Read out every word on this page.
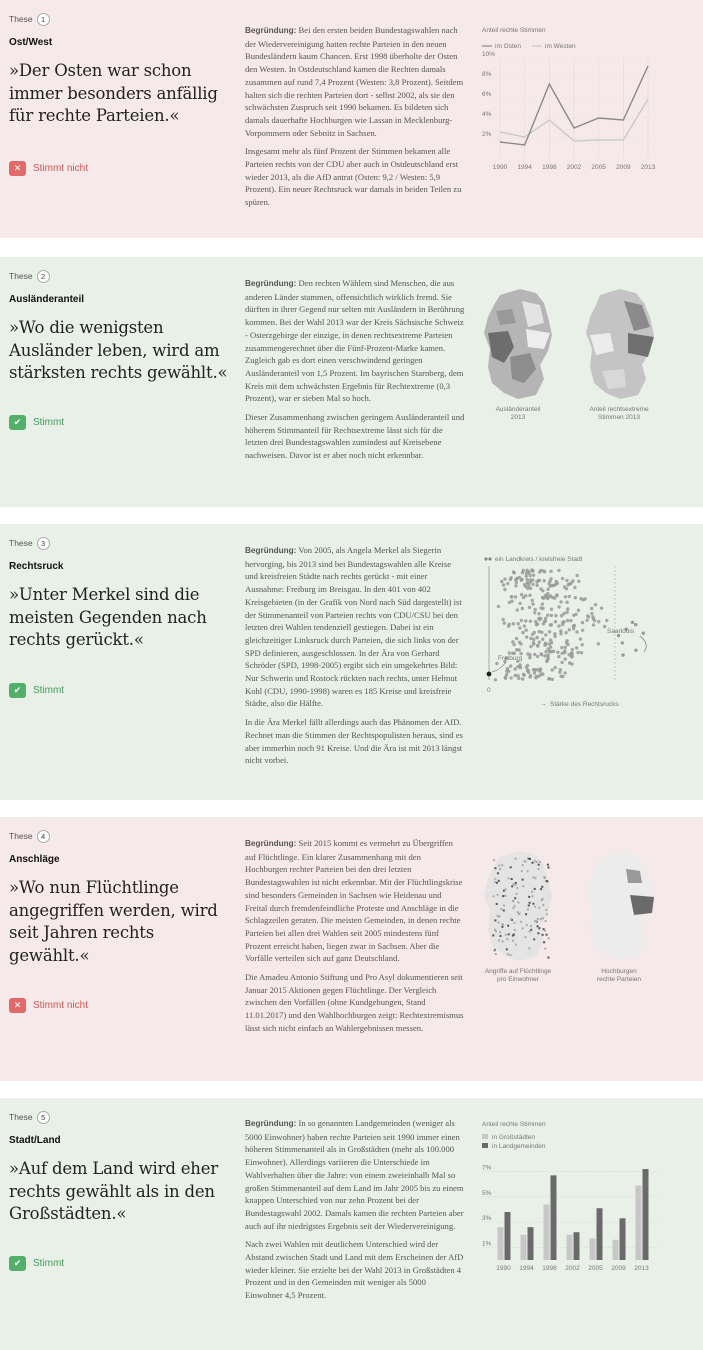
These	1
Ost/West
»Der Osten war schon immer besonders anfällig für rechte Parteien.«
✕	Stimmt nicht

Begründung: Bei den ersten beiden Bundestagswahlen nach der Wiedervereinigung hatten rechte Parteien in den neuen Bundesländern kaum Chancen. Erst 1998 überholte der Osten den Westen. In Ostdeutschland kamen die Rechten damals zusammen auf rund 7,4 Prozent (Westen: 3,8 Prozent). Seitdem halten sich die rechten Parteien dort - selbst 2002, als sie den schwächsten Zuspruch seit 1990 bekamen. Es bildeten sich damals dauerhafte Hochburgen wie Lassan in Mecklenburg-Vorpommern oder Sebnitz in Sachsen.

Insgesamt mehr als fünf Prozent der Stimmen bekamen alle Parteien rechts von der CDU aber auch in Ostdeutschland erst wieder 2013, als die AfD antrat (Osten: 9,2 / Westen: 5,9 Prozent). Ein neuer Rechtsruck war damals in beiden Teilen zu spüren.

Anteil rechte Stimmen
im Osten	im Westen
2%
4%
6%
8%
10%
1990 1994 1998 2002 2005 2009 2013
These	2
Ausländeranteil
»Wo die wenigsten Ausländer leben, wird am stärksten rechts gewählt.«
✔	Stimmt

Begründung: Den rechten Wählern sind Menschen, die aus anderen Länder stammen, offensichtlich wirklich fremd. Sie dürften in ihrer Gegend nur selten mit Ausländern in Berührung kommen. Bei der Wahl 2013 war der Kreis Sächsische Schweiz - Osterzgebirge der einzige, in denen rechtsextreme Parteien zusammengerechnet über die Fünf-Prozent-Marke kamen. Zugleich gab es dort einen verschwindend geringen Ausländeranteil von 1,5 Prozent. Im bayrischen Starnberg, dem Kreis mit dem schwächsten Ergebnis für Rechtextreme (0,3 Prozent), war er sieben Mal so hoch.

Dieser Zusammenhang zwischen geringem Ausländeranteil und höherem Stimmanteil für Rechtsextreme lässt sich für die letzten drei Bundestagswahlen zumindest auf Kreisebene nachweisen. Davor ist er aber noch nicht erkennbar.

Ausländeranteil
2013
Anteil rechtsextreme
Stimmen 2013
These	3
Rechtsruck
»Unter Merkel sind die meisten Gegenden nach rechts gerückt.«
✔	Stimmt

Begründung: Von 2005, als Angela Merkel als Siegerin hervorging, bis 2013 sind bei Bundestagswahlen alle Kreise und kreisfreien Städte nach rechts gerückt - mit einer Ausnahme: Freiburg im Breisgau. In den 401 von 402 Kreisgebieten (in der Grafik von Nord nach Süd dargestellt) ist der Stimmenanteil von Parteien rechts von CDU/CSU bei den letzten drei Wahlen tendenziell gestiegen. Dabei ist ein gleichzeitiger Linksruck durch Parteien, die sich links von der SPD definieren, ausgeschlossen. In der Ära von Gerhard Schröder (SPD, 1998-2005) ergibt sich ein umgekehrtes Bild: Nur Schwerin und Rostock rückten nach rechts, unter Helmut Kohl (CDU, 1990-1998) waren es 185 Kreise und kreisfreie Städte, also die Hälfte.

In die Ära Merkel fällt allerdings auch das Phänomen der AfD. Rechnet man die Stimmen der Rechtspopulisten heraus, sind es aber immerhin noch 91 Kreise. Und die Ära ist mit 2013 längst nicht vorbei.

ein Landkreis / kreisfreie Stadt
Freiburg
Saarlouis
0
→ Stärke des Rechtsrucks
These	4
Anschläge
»Wo nun Flüchtlinge angegriffen werden, wird seit Jahren rechts gewählt.«
✕	Stimmt nicht

Begründung: Seit 2015 kommt es vermehrt zu Übergriffen auf Flüchtlinge. Ein klarer Zusammenhang mit den Hochburgen rechter Parteien bei den drei letzten Bundestagswahlen ist nicht erkennbar. Mit der Flüchtlingskrise sind besonders Gemeinden in Sachsen wie Heidenau und Freital durch fremdenfeindliche Proteste und Anschläge in die Schlagzeilen geraten. Die meisten Gemeinden, in denen rechte Parteien bei allen drei Wahlen seit 2005 mindestens fünf Prozent erreicht haben, liegen zwar in Sachsen. Aber die Vorfälle verteilen sich auf ganz Deutschland.

Die Amadeu Antonio Stiftung und Pro Asyl dokumentieren seit Januar 2015 Aktionen gegen Flüchtlinge. Der Vergleich zwischen den Vorfällen (ohne Kundgebungen, Stand 11.01.2017) und den Wahlhochburgen zeigt: Rechtextremismus lässt sich nicht einfach an Wahlergebnissen messen.

Angriffe auf Flüchtlinge
pro Einwohner
Hochburgen
rechte Parteien
These	5
Stadt/Land
»Auf dem Land wird eher rechts gewählt als in den Großstädten.«
✔	Stimmt

Begründung: In so genannten Landgemeinden (weniger als 5000 Einwohner) haben rechte Parteien seit 1990 immer einen höheren Stimmenanteil als in Großstädten (mehr als 100.000 Einwohner). Allerdings variieren die Unterschiede im Wahlverhalten über die Jahre: von einem zweieinhalb Mal so großen Stimmenanteil auf dem Land im Jahr 2005 bis zu einem knappen Unterschied von nur zehn Prozent bei der Bundestagswahl 2002. Damals kamen die rechten Parteien aber auch auf ihr niedrigstes Ergebnis seit der Wiedervereinigung.

Nach zwei Wahlen mit deutlichem Unterschied wird der Abstand zwischen Stadt und Land mit dem Erscheinen der AfD wieder kleiner. Sie erzielte bei der Wahl 2013 in Großstädten 4 Prozent und in den Gemeinden mit weniger als 5000 Einwohner 4,5 Prozent.

Anteil rechte Stimmen
in Großstädten
in Landgemeinden
1%
3%
5%
7%
1990 1994 1998 2002 2005 2009 2013
